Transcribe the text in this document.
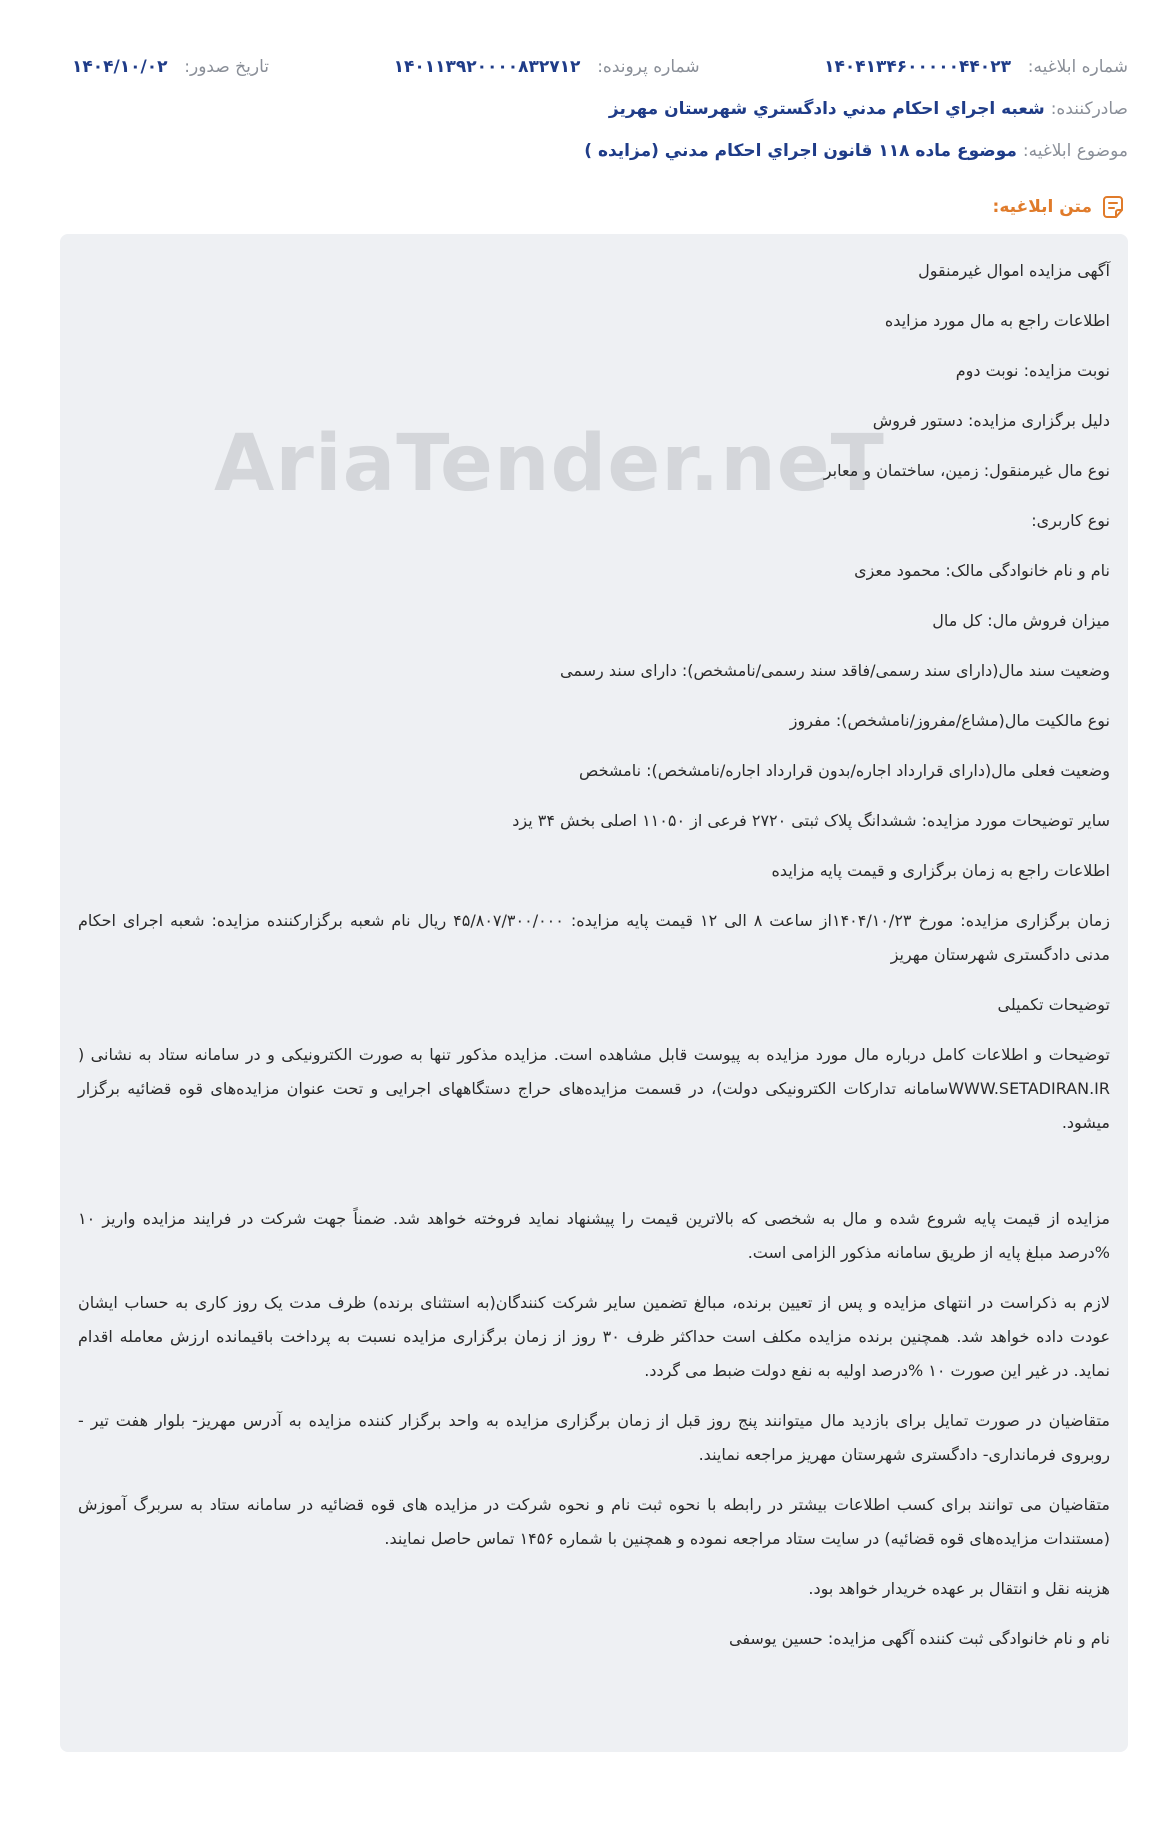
شماره ابلاغیه:  ۱۴۰۴۱۳۴۶۰۰۰۰۰۴۴۰۲۳
شماره پرونده:  ۱۴۰۱۱۳۹۲۰۰۰۰۸۳۲۷۱۲
تاریخ صدور:  ۱۴۰۴/۱۰/۰۲
صادرکننده:
شعبه اجراي احكام مدني دادگستري شهرستان مهريز
موضوع ابلاغیه:
موضوع ماده ۱۱۸ قانون اجراي احكام مدني (مزايده )
متن ابلاغیه:
AriaTender.neT

آگهی مزایده اموال غیرمنقول

اطلاعات راجع به مال مورد مزایده

نوبت مزایده: نوبت دوم

دلیل برگزاری مزایده: دستور فروش

نوع مال غیرمنقول: زمین، ساختمان و معابر

نوع کاربری:

نام و نام خانوادگی مالک: محمود معزی

میزان فروش مال: کل مال

وضعیت سند مال(دارای سند رسمی/فاقد سند رسمی/نامشخص): دارای سند رسمی

نوع مالکیت مال(مشاع/مفروز/نامشخص): مفروز

وضعیت فعلی مال(دارای قرارداد اجاره/بدون قرارداد اجاره/نامشخص): نامشخص

سایر توضیحات مورد مزایده: ششدانگ پلاک ثبتی ۲۷۲۰ فرعی از ۱۱۰۵۰ اصلی بخش ۳۴ یزد

اطلاعات راجع به زمان برگزاری و قیمت پایه مزایده

زمان برگزاری مزایده: مورخ ۱۴۰۴/۱۰/۲۳از ساعت ۸ الی ۱۲ قیمت پایه مزایده: ۴۵/۸۰۷/۳۰۰/۰۰۰ ریال نام شعبه برگزارکننده مزایده: شعبه اجرای احکام مدنی دادگستری شهرستان مهریز

توضیحات تکمیلی

توضیحات و اطلاعات کامل درباره مال مورد مزایده به پیوست قابل مشاهده است. مزایده مذکور تنها به صورت الکترونیکی و در سامانه ستاد به نشانی ( WWW.SETADIRAN.IRسامانه تدارکات الکترونیکی دولت)، در قسمت مزایده‌های حراج دستگاههای اجرایی و تحت عنوان مزایده‌های قوه قضائیه برگزار میشود.

مزایده از قیمت پایه شروع شده و مال به شخصی که بالاترین قیمت را پیشنهاد نماید فروخته خواهد شد. ضمناً جهت شرکت در فرایند مزایده واریز ۱۰ %درصد مبلغ پایه از طریق سامانه مذکور الزامی است.

لازم به ذکراست در انتهای مزایده و پس از تعیین برنده، مبالغ تضمین سایر شرکت کنندگان(به استثنای برنده) ظرف مدت یک روز کاری به حساب ایشان عودت داده خواهد شد. همچنین برنده مزایده مکلف است حداکثر ظرف ۳۰ روز از زمان برگزاری مزایده نسبت به پرداخت باقیمانده ارزش معامله اقدام نماید. در غیر این صورت ۱۰ %درصد اولیه به نفع دولت ضبط می گردد.

متقاضیان در صورت تمایل برای بازدید مال میتوانند پنج روز قبل از زمان برگزاری مزایده به واحد برگزار کننده مزایده به آدرس مهریز- بلوار هفت تیر - روبروی فرمانداری- دادگستری شهرستان مهریز مراجعه نمایند.

متقاضیان می توانند برای کسب اطلاعات بیشتر در رابطه با نحوه ثبت نام و نحوه شرکت در مزایده های قوه قضائیه در سامانه ستاد به سربرگ آموزش (مستندات مزایده‌های قوه قضائیه) در سایت ستاد مراجعه نموده و همچنین با شماره ۱۴۵۶ تماس حاصل نمایند.

هزینه نقل و انتقال بر عهده خریدار خواهد بود.

نام و نام خانوادگی ثبت کننده آگهی مزایده: حسین یوسفی
